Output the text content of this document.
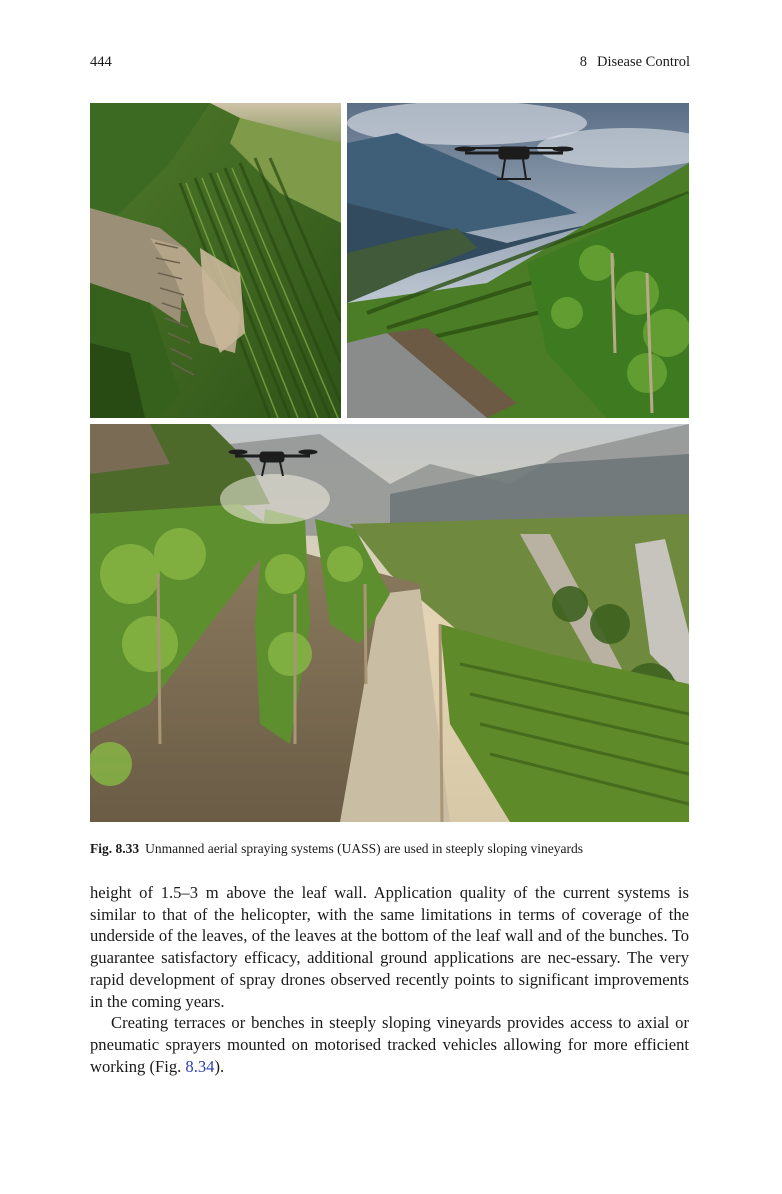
444	8 Disease Control
Fig. 8.33 Unmanned aerial spraying systems (UASS) are used in steeply sloping vineyards

height of 1.5–3 m above the leaf wall. Application quality of the current systems is similar to that of the helicopter, with the same limitations in terms of coverage of the underside of the leaves, of the leaves at the bottom of the leaf wall and of the bunches. To guarantee satisfactory efficacy, additional ground applications are nec-essary. The very rapid development of spray drones observed recently points to significant improvements in the coming years.

Creating terraces or benches in steeply sloping vineyards provides access to axial or pneumatic sprayers mounted on motorised tracked vehicles allowing for more efficient working (Fig. 8.34).
